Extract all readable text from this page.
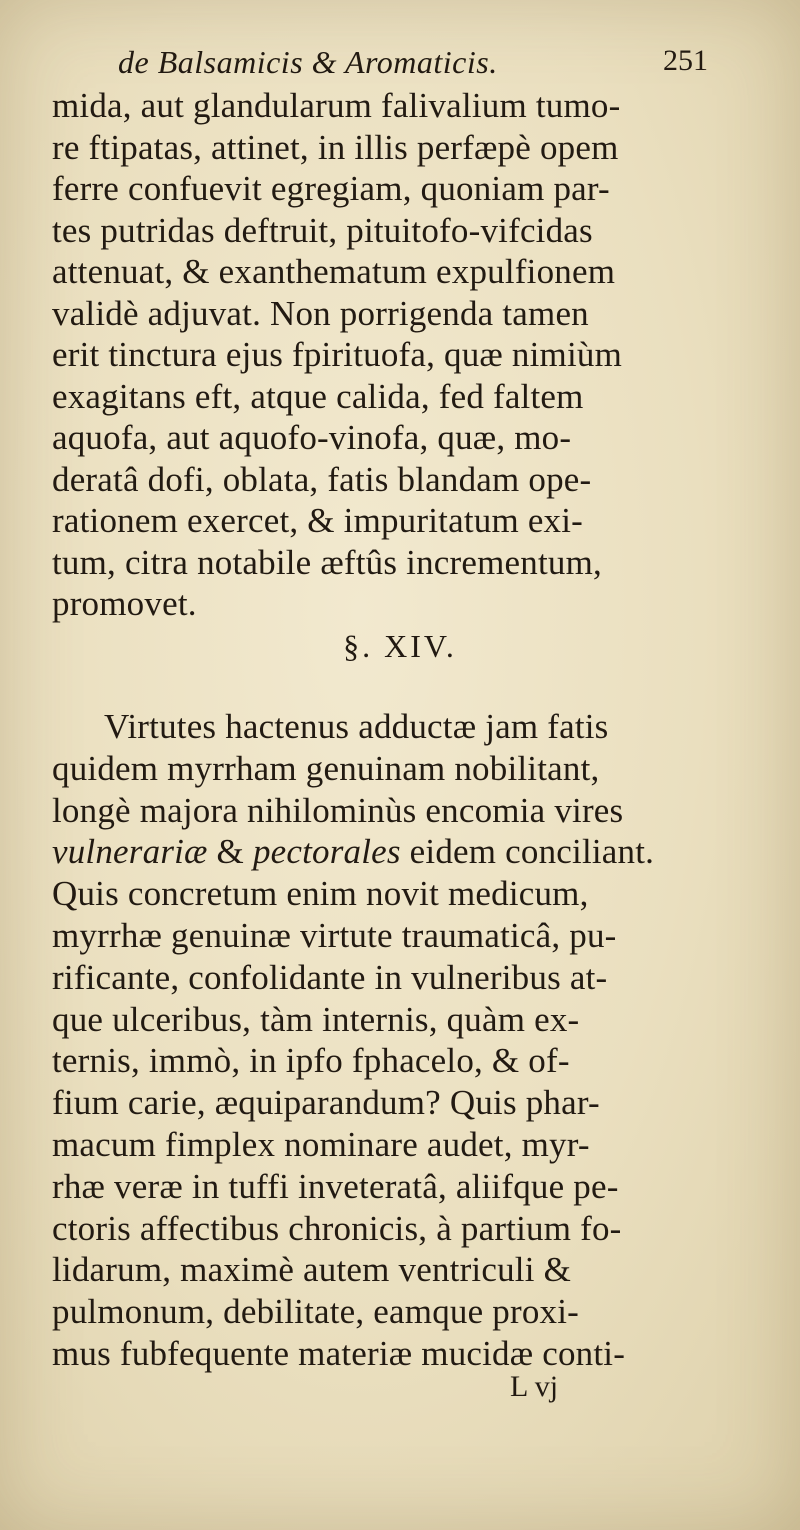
de Balsamicis & Aromaticis.	251
mida, aut glandularum falivalium tumo-
re ftipatas, attinet, in illis perfæpè opem
ferre confuevit egregiam, quoniam par-
tes putridas deftruit, pituitofo-vifcidas
attenuat, & exanthematum expulfionem
validè adjuvat. Non porrigenda tamen
erit tinctura ejus fpirituofa, quæ nimiùm
exagitans eft, atque calida, fed faltem
aquofa, aut aquofo-vinofa, quæ, mo-
deratâ dofi, oblata, fatis blandam ope-
rationem exercet, & impuritatum exi-
tum, citra notabile æftûs incrementum,
promovet.
§. XIV.
Virtutes hactenus adductæ jam fatis
quidem myrrham genuinam nobilitant,
longè majora nihilominùs encomia vires
vulnerariæ & pectorales eidem conciliant.
Quis concretum enim novit medicum,
myrrhæ genuinæ virtute traumaticâ, pu-
rificante, confolidante in vulneribus at-
que ulceribus, tàm internis, quàm ex-
ternis, immò, in ipfo fphacelo, & of-
fium carie, æquiparandum? Quis phar-
macum fimplex nominare audet, myr-
rhæ veræ in tuffi inveteratâ, aliifque pe-
ctoris affectibus chronicis, à partium fo-
lidarum, maximè autem ventriculi &
pulmonum, debilitate, eamque proxi-
mus fubfequente materiæ mucidæ conti-
L vj
